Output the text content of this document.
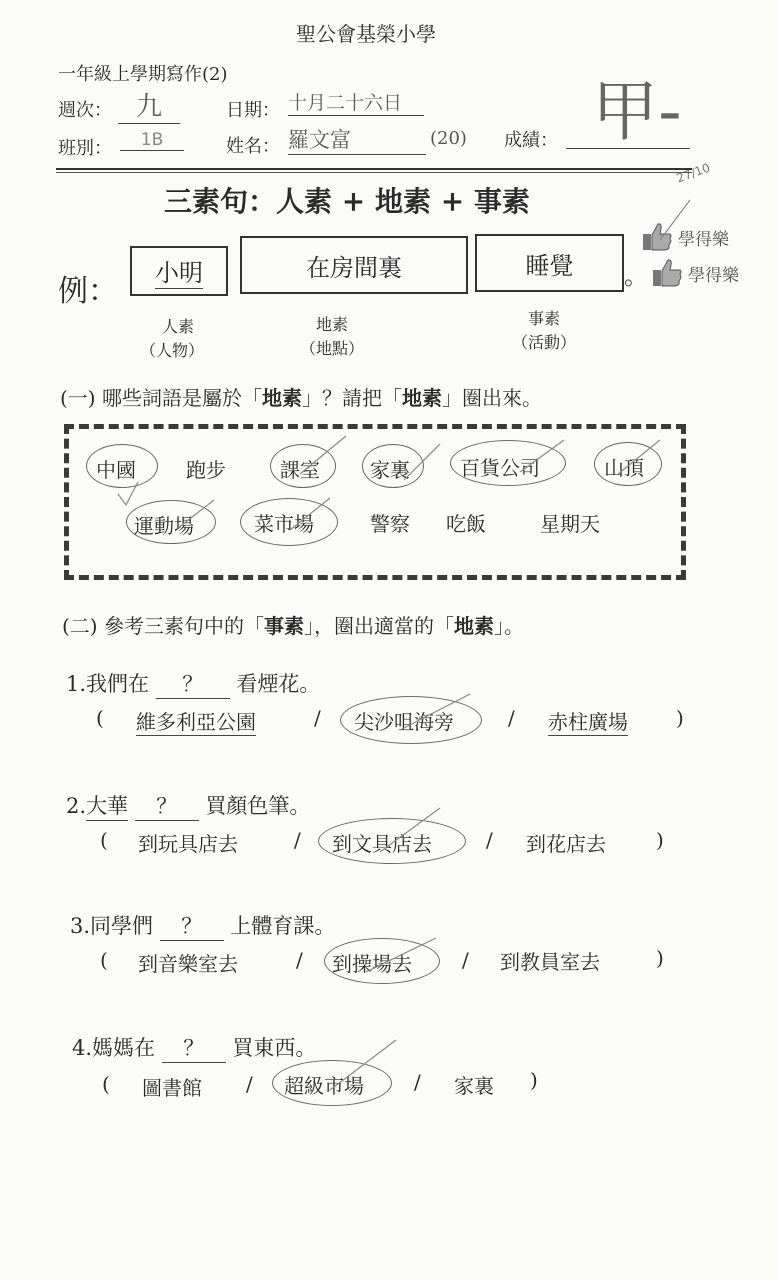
聖公會基榮小學
一年級上學期寫作(2)
週次： 九	日期： 十月二十六日	甲-
27/10
班別：	1B	姓名： 羅文富	(20) 成績：
三素句：人素 + 地素 + 事素
例：
小明	在房間裏	睡覺	。
學得樂
學得樂
人素
（人物）
地素
（地點）
事素
（活動）
(一) 哪些詞語是屬於「地素」？請把「地素」圈出來。
中國	跑步	課室	家裏	百貨公司	山頂
運動場	菜市場	警察 吃飯	星期天
(二) 參考三素句中的「事素」，圈出適當的「地素」。
1.我們在 ？ 看煙花。
( 維多利亞公園	/ 尖沙咀海旁	/ 赤柱廣場 )
2.大華 ？ 買顏色筆。
( 到玩具店去	/ 到文具店去	/ 到花店去	)
3.同學們 ？ 上體育課。
( 到音樂室去	/ 到操場去	/ 到教員室去	)
4.媽媽在 ？ 買東西。
( 圖書館 / 超級市場	/ 家裏 )
